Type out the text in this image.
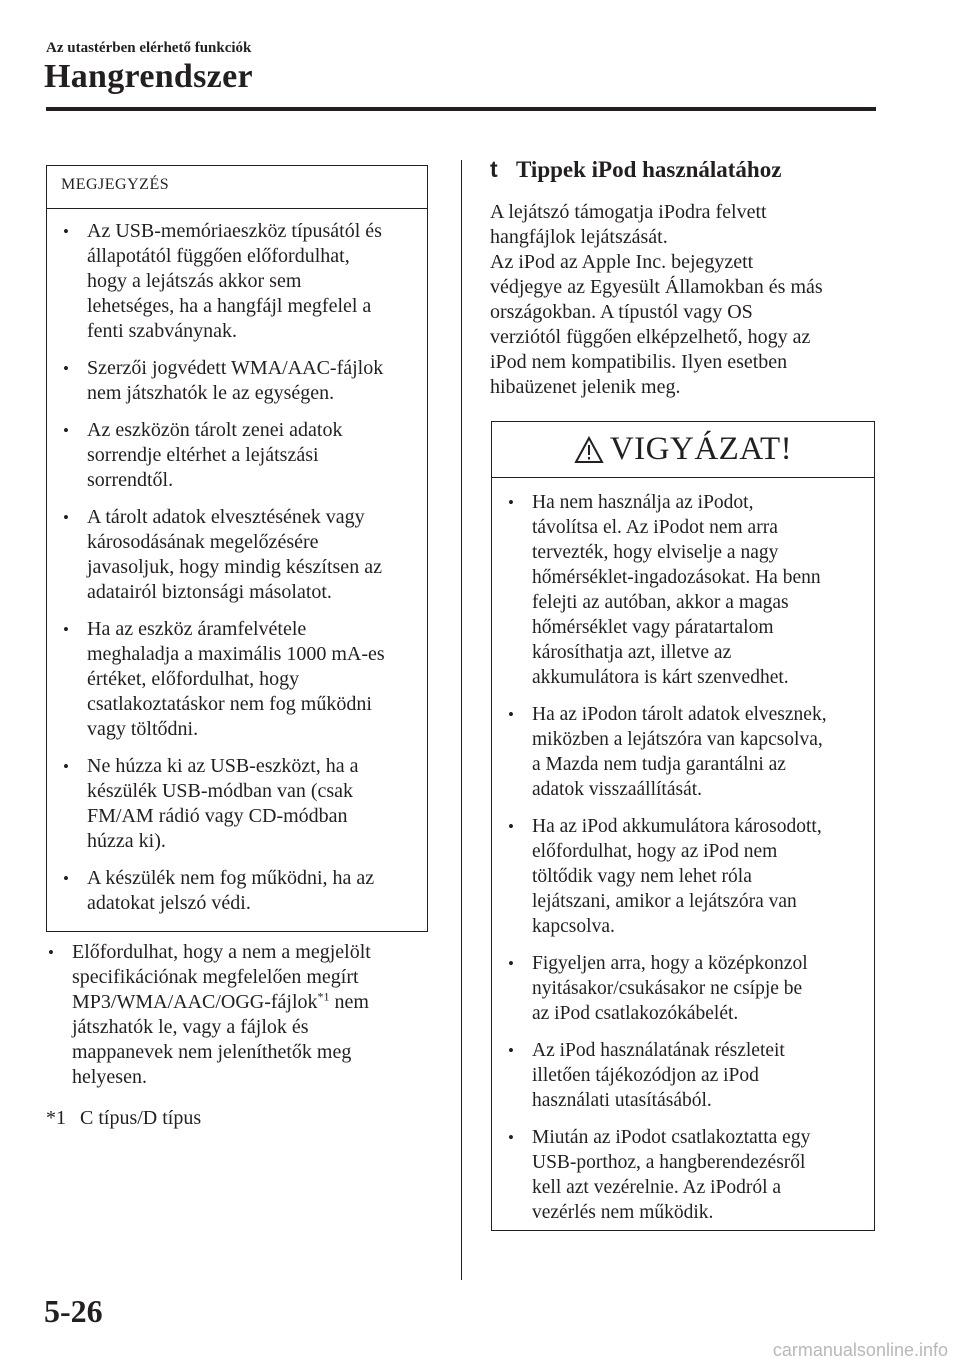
Az utastérben elérhető funkciók
Hangrendszer
MEGJEGYZÉS
• Az USB-memóriaeszköz típusától és
állapotától függően előfordulhat,
hogy a lejátszás akkor sem
lehetséges, ha a hangfájl megfelel a
fenti szabványnak.
• Szerzői jogvédett WMA/AAC-fájlok
nem játszhatók le az egységen.
• Az eszközön tárolt zenei adatok
sorrendje eltérhet a lejátszási
sorrendtől.
• A tárolt adatok elvesztésének vagy
károsodásának megelőzésére
javasoljuk, hogy mindig készítsen az
adatairól biztonsági másolatot.
• Ha az eszköz áramfelvétele
meghaladja a maximális 1000 mA-es
értéket, előfordulhat, hogy
csatlakoztatáskor nem fog működni
vagy töltődni.
• Ne húzza ki az USB-eszközt, ha a
készülék USB-módban van (csak
FM/AM rádió vagy CD-módban
húzza ki).
• A készülék nem fog működni, ha az
adatokat jelszó védi.
• Előfordulhat, hogy a nem a megjelölt
specifikációnak megfelelően megírt
MP3/WMA/AAC/OGG-fájlok$^{*1}$ nem
játszhatók le, vagy a fájlok és
mappanevek nem jeleníthetők meg
helyesen.
*1 C típus/D típus
t Tippek iPod használatához
A lejátszó támogatja iPodra felvett
hangfájlok lejátszását.
Az iPod az Apple Inc. bejegyzett
védjegye az Egyesült Államokban és más
országokban. A típustól vagy OS
verziótól függően elképzelhető, hogy az
iPod nem kompatibilis. Ilyen esetben
hibaüzenet jelenik meg.
VIGYÁZAT!
• Ha nem használja az iPodot,
távolítsa el. Az iPodot nem arra
tervezték, hogy elviselje a nagy
hőmérséklet-ingadozásokat. Ha benn
felejti az autóban, akkor a magas
hőmérséklet vagy páratartalom
károsíthatja azt, illetve az
akkumulátora is kárt szenvedhet.
• Ha az iPodon tárolt adatok elvesznek,
miközben a lejátszóra van kapcsolva,
a Mazda nem tudja garantálni az
adatok visszaállítását.
• Ha az iPod akkumulátora károsodott,
előfordulhat, hogy az iPod nem
töltődik vagy nem lehet róla
lejátszani, amikor a lejátszóra van
kapcsolva.
• Figyeljen arra, hogy a középkonzol
nyitásakor/csukásakor ne csípje be
az iPod csatlakozókábelét.
• Az iPod használatának részleteit
illetően tájékozódjon az iPod
használati utasításából.
• Miután az iPodot csatlakoztatta egy
USB-porthoz, a hangberendezésről
kell azt vezérelnie. Az iPodról a
vezérlés nem működik.
5-26
carmanualsonline.info
